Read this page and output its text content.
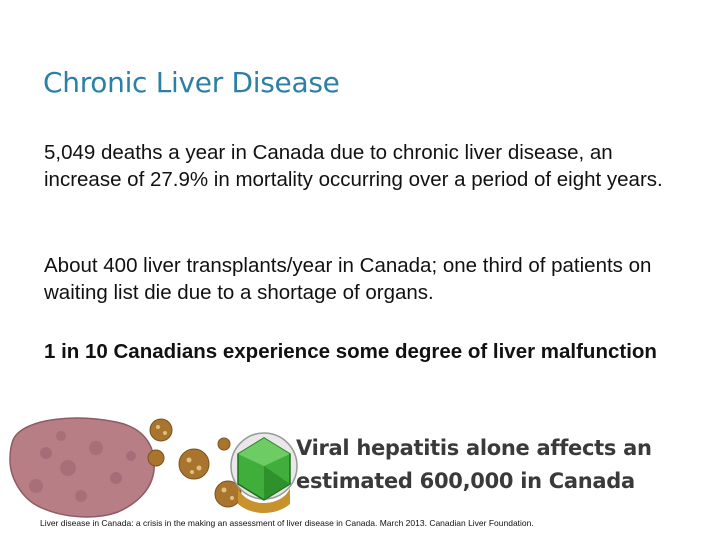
Chronic Liver Disease
5,049 deaths a year in Canada due to chronic liver disease, an increase of 27.9% in mortality occurring over a period of eight years.
About 400 liver transplants/year in Canada; one third of patients on waiting list die due to a shortage of organs.
1 in 10 Canadians experience some degree of liver malfunction
Viral hepatitis alone affects an
estimated 600,000 in Canada
Liver disease in Canada: a crisis in the making an assessment of liver disease in Canada. March 2013. Canadian Liver Foundation.
